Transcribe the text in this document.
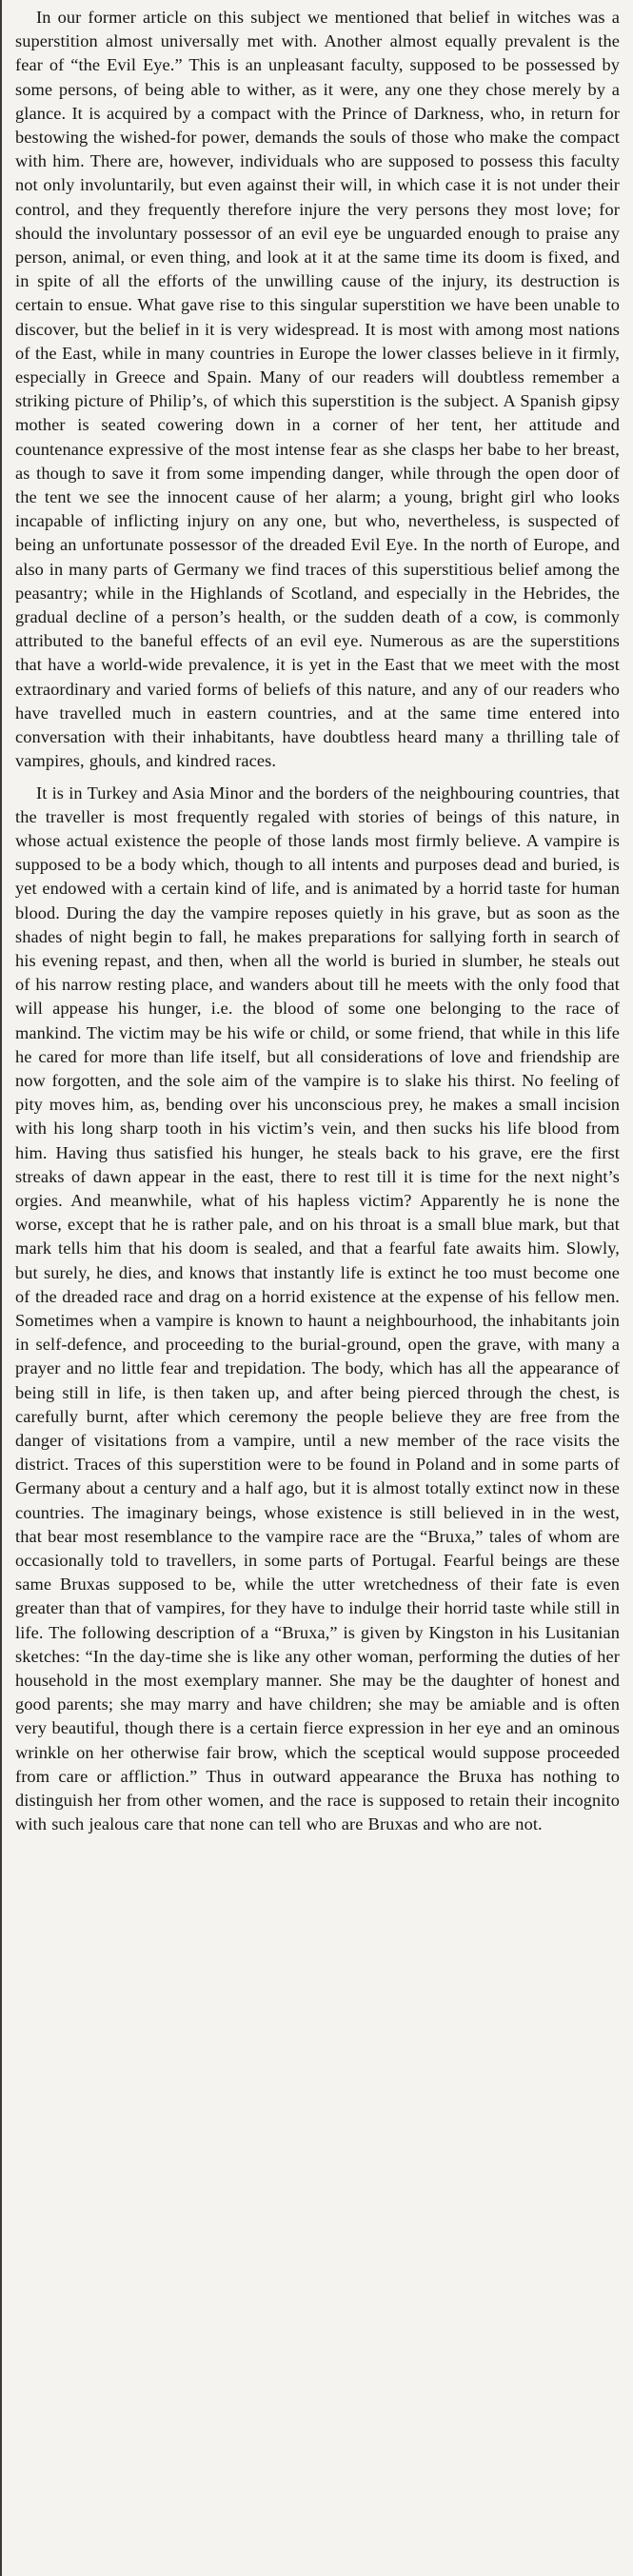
In our former article on this subject we mentioned that belief in witches was a superstition almost universally met with. Another almost equally prevalent is the fear of “the Evil Eye.” This is an unpleasant faculty, supposed to be possessed by some persons, of being able to wither, as it were, any one they chose merely by a glance. It is acquired by a compact with the Prince of Darkness, who, in return for bestowing the wished-for power, demands the souls of those who make the compact with him. There are, however, individuals who are supposed to possess this faculty not only involuntarily, but even against their will, in which case it is not under their control, and they frequently therefore injure the very persons they most love; for should the involuntary possessor of an evil eye be unguarded enough to praise any person, animal, or even thing, and look at it at the same time its doom is fixed, and in spite of all the efforts of the unwilling cause of the injury, its destruction is certain to ensue. What gave rise to this singular superstition we have been unable to discover, but the belief in it is very widespread. It is most with among most nations of the East, while in many countries in Europe the lower classes believe in it firmly, especially in Greece and Spain. Many of our readers will doubtless remember a striking picture of Philip’s, of which this superstition is the subject. A Spanish gipsy mother is seated cowering down in a corner of her tent, her attitude and countenance expressive of the most intense fear as she clasps her babe to her breast, as though to save it from some impending danger, while through the open door of the tent we see the innocent cause of her alarm; a young, bright girl who looks incapable of inflicting injury on any one, but who, nevertheless, is suspected of being an unfortunate possessor of the dreaded Evil Eye. In the north of Europe, and also in many parts of Germany we find traces of this superstitious belief among the peasantry; while in the Highlands of Scotland, and especially in the Hebrides, the gradual decline of a person’s health, or the sudden death of a cow, is commonly attributed to the baneful effects of an evil eye. Numerous as are the superstitions that have a world-wide prevalence, it is yet in the East that we meet with the most extraordinary and varied forms of beliefs of this nature, and any of our readers who have travelled much in eastern countries, and at the same time entered into conversation with their inhabitants, have doubtless heard many a thrilling tale of vampires, ghouls, and kindred races.

It is in Turkey and Asia Minor and the borders of the neighbouring countries, that the traveller is most frequently regaled with stories of beings of this nature, in whose actual existence the people of those lands most firmly believe. A vampire is supposed to be a body which, though to all intents and purposes dead and buried, is yet endowed with a certain kind of life, and is animated by a horrid taste for human blood. During the day the vampire reposes quietly in his grave, but as soon as the shades of night begin to fall, he makes preparations for sallying forth in search of his evening repast, and then, when all the world is buried in slumber, he steals out of his narrow resting place, and wanders about till he meets with the only food that will appease his hunger, i.e. the blood of some one belonging to the race of mankind. The victim may be his wife or child, or some friend, that while in this life he cared for more than life itself, but all considerations of love and friendship are now forgotten, and the sole aim of the vampire is to slake his thirst. No feeling of pity moves him, as, bending over his unconscious prey, he makes a small incision with his long sharp tooth in his victim’s vein, and then sucks his life blood from him. Having thus satisfied his hunger, he steals back to his grave, ere the first streaks of dawn appear in the east, there to rest till it is time for the next night’s orgies. And meanwhile, what of his hapless victim? Apparently he is none the worse, except that he is rather pale, and on his throat is a small blue mark, but that mark tells him that his doom is sealed, and that a fearful fate awaits him. Slowly, but surely, he dies, and knows that instantly life is extinct he too must become one of the dreaded race and drag on a horrid existence at the expense of his fellow men. Sometimes when a vampire is known to haunt a neighbourhood, the inhabitants join in self-defence, and proceeding to the burial-ground, open the grave, with many a prayer and no little fear and trepidation. The body, which has all the appearance of being still in life, is then taken up, and after being pierced through the chest, is carefully burnt, after which ceremony the people believe they are free from the danger of visitations from a vampire, until a new member of the race visits the district. Traces of this superstition were to be found in Poland and in some parts of Germany about a century and a half ago, but it is almost totally extinct now in these countries. The imaginary beings, whose existence is still believed in in the west, that bear most resemblance to the vampire race are the “Bruxa,” tales of whom are occasionally told to travellers, in some parts of Portugal. Fearful beings are these same Bruxas supposed to be, while the utter wretchedness of their fate is even greater than that of vampires, for they have to indulge their horrid taste while still in life. The following description of a “Bruxa,” is given by Kingston in his Lusitanian sketches: “In the day-time she is like any other woman, performing the duties of her household in the most exemplary manner. She may be the daughter of honest and good parents; she may marry and have children; she may be amiable and is often very beautiful, though there is a certain fierce expression in her eye and an ominous wrinkle on her otherwise fair brow, which the sceptical would suppose proceeded from care or affliction.” Thus in outward appearance the Bruxa has nothing to distinguish her from other women, and the race is supposed to retain their incognito with such jealous care that none can tell who are Bruxas and who are not.
